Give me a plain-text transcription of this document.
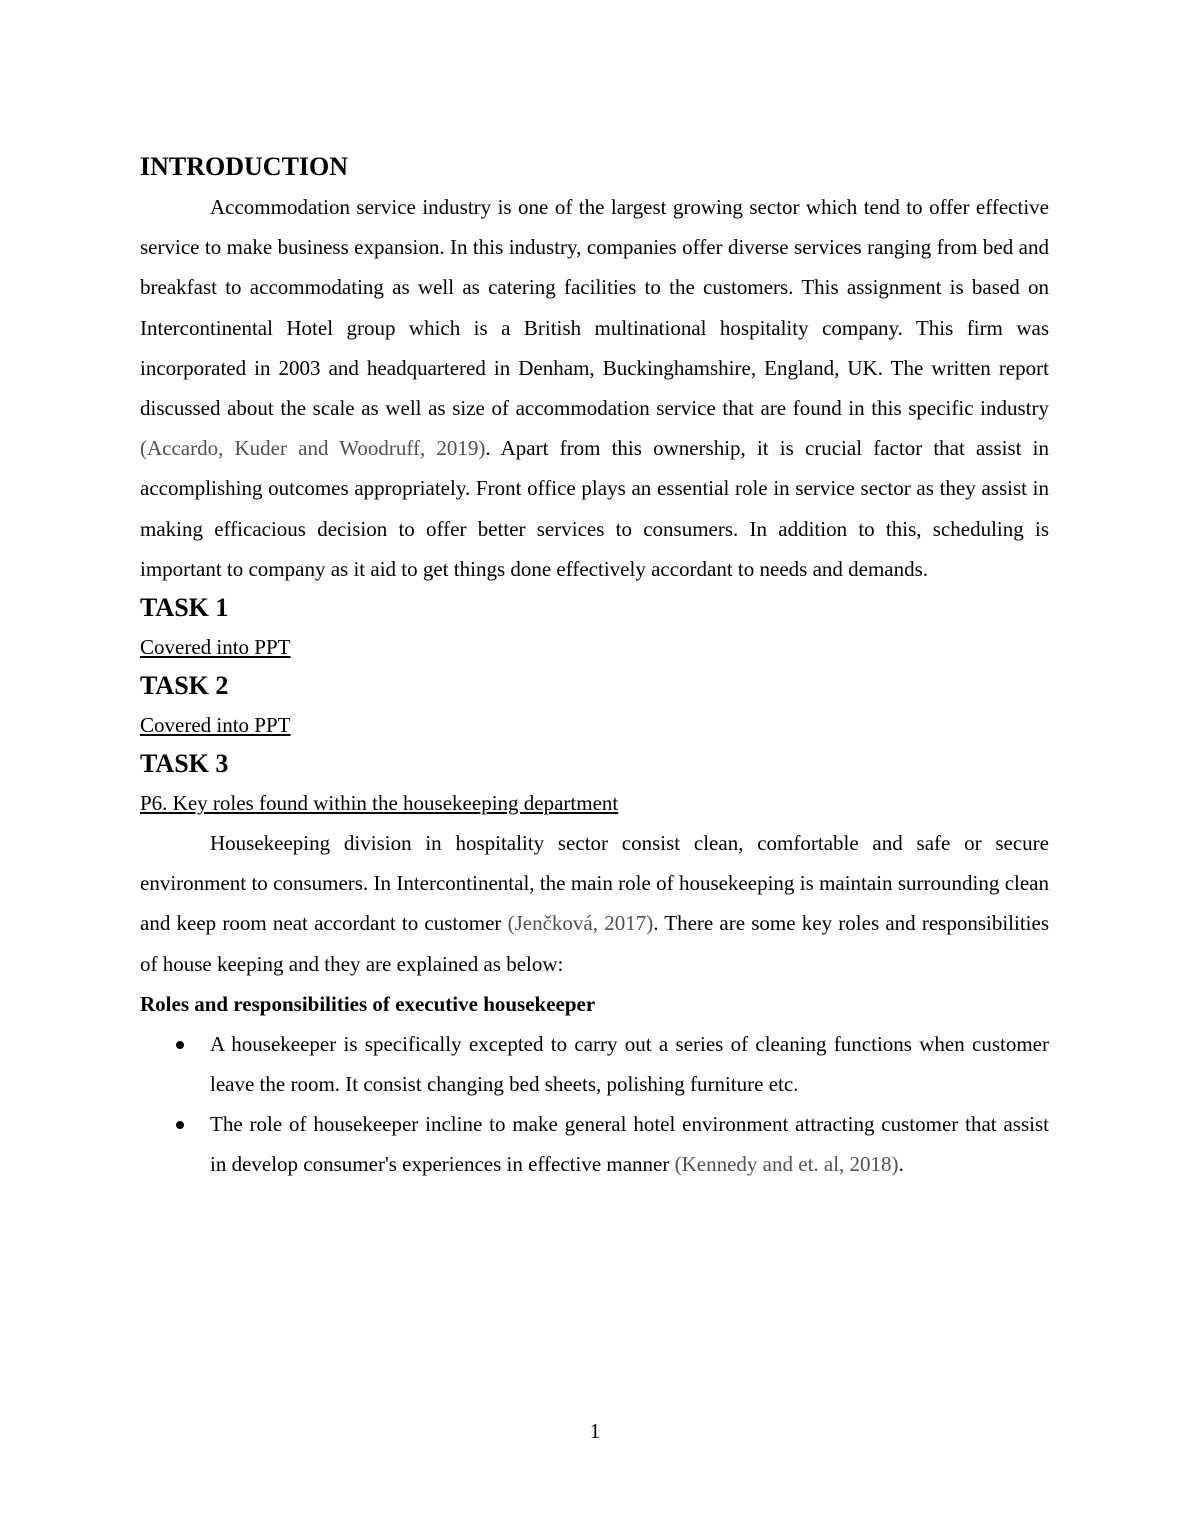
INTRODUCTION

Accommodation service industry is one of the largest growing sector which tend to offer effective service to make business expansion. In this industry, companies offer diverse services ranging from bed and breakfast to accommodating as well as catering facilities to the customers. This assignment is based on Intercontinental Hotel group which is a British multinational hospitality company. This firm was incorporated in 2003 and headquartered in Denham, Buckinghamshire, England, UK. The written report discussed about the scale as well as size of accommodation service that are found in this specific industry (Accardo, Kuder and Woodruff, 2019). Apart from this ownership, it is crucial factor that assist in accomplishing outcomes appropriately. Front office plays an essential role in service sector as they assist in making efficacious decision to offer better services to consumers. In addition to this, scheduling is important to company as it aid to get things done effectively accordant to needs and demands.

TASK 1

Covered into PPT

TASK 2

Covered into PPT

TASK 3

P6. Key roles found within the housekeeping department

Housekeeping division in hospitality sector consist clean, comfortable and safe or secure environment to consumers. In Intercontinental, the main role of housekeeping is maintain surrounding clean and keep room neat accordant to customer (Jenčková, 2017). There are some key roles and responsibilities of house keeping and they are explained as below:

Roles and responsibilities of executive housekeeper

A housekeeper is specifically excepted to carry out a series of cleaning functions when customer leave the room. It consist changing bed sheets, polishing furniture etc.
The role of housekeeper incline to make general hotel environment attracting customer that assist in develop consumer's experiences in effective manner (Kennedy and et. al, 2018).
1
